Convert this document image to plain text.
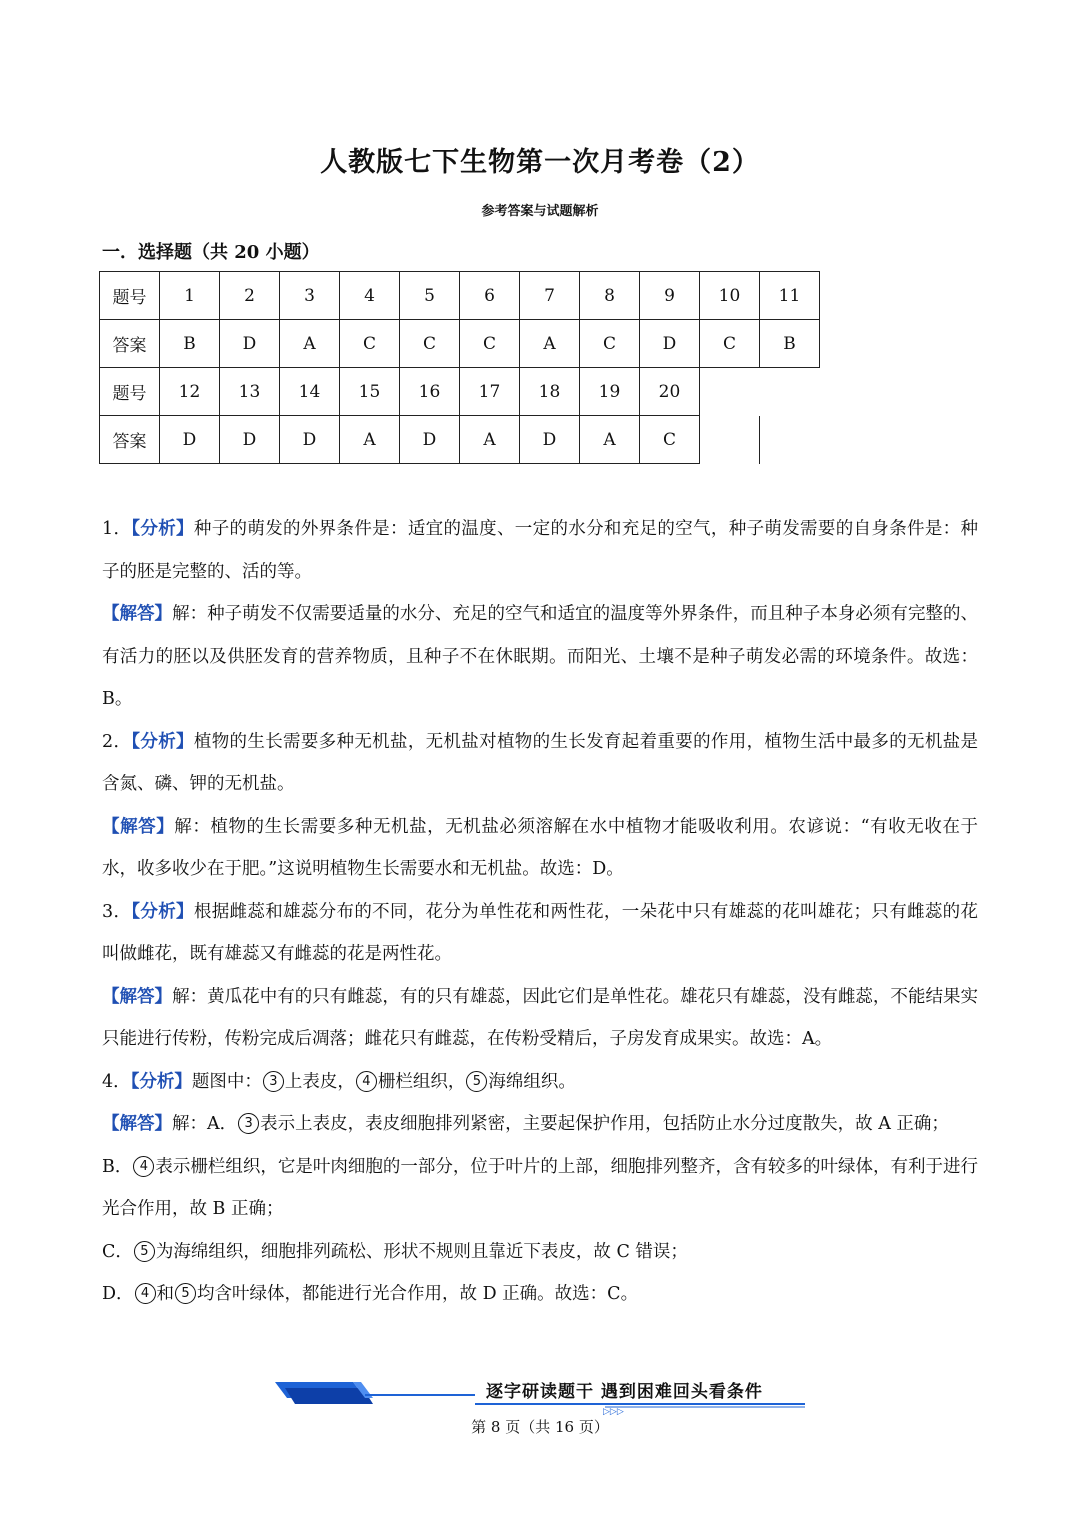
人教版七下生物第一次月考卷（2）
参考答案与试题解析
一．选择题（共 20 小题）
题号	1	2	3	4	5	6	7	8	9	10	11
答案	B	D	A	C	C	C	A	C	D	C	B
题号	12	13	14	15	16	17	18	19	20		
答案	D	D	D	A	D	A	D	A	C		

1．【分析】种子的萌发的外界条件是：适宜的温度、一定的水分和充足的空气，种子萌发需要的自身条件是：种子的胚是完整的、活的等。

【解答】解：种子萌发不仅需要适量的水分、充足的空气和适宜的温度等外界条件，而且种子本身必须有完整的、有活力的胚以及供胚发育的营养物质，且种子不在休眠期。而阳光、土壤不是种子萌发必需的环境条件。故选：B。

2．【分析】植物的生长需要多种无机盐，无机盐对植物的生长发育起着重要的作用，植物生活中最多的无机盐是含氮、磷、钾的无机盐。

【解答】解：植物的生长需要多种无机盐，无机盐必须溶解在水中植物才能吸收利用。农谚说：“有收无收在于水，收多收少在于肥。”这说明植物生长需要水和无机盐。故选：D。

3．【分析】根据雌蕊和雄蕊分布的不同，花分为单性花和两性花，一朵花中只有雄蕊的花叫雄花；只有雌蕊的花叫做雌花，既有雄蕊又有雌蕊的花是两性花。

【解答】解：黄瓜花中有的只有雌蕊，有的只有雄蕊，因此它们是单性花。雄花只有雄蕊，没有雌蕊，不能结果实只能进行传粉，传粉完成后凋落；雌花只有雌蕊，在传粉受精后，子房发育成果实。故选：A。

4．【分析】题图中： 3 上表皮， 4 栅栏组织， 5 海绵组织。

【解答】解：A． 3 表示上表皮，表皮细胞排列紧密，主要起保护作用，包括防止水分过度散失，故 A 正确；

B． 4 表示栅栏组织，它是叶肉细胞的一部分，位于叶片的上部，细胞排列整齐，含有较多的叶绿体，有利于进行光合作用，故 B 正确；

C． 5 为海绵组织，细胞排列疏松、形状不规则且靠近下表皮，故 C 错误；

D． 4 和 5 均含叶绿体，都能进行光合作用，故 D 正确。故选：C。

▷▷▷
逐字研读题干 遇到困难回头看条件
第 8 页（共 16 页）
